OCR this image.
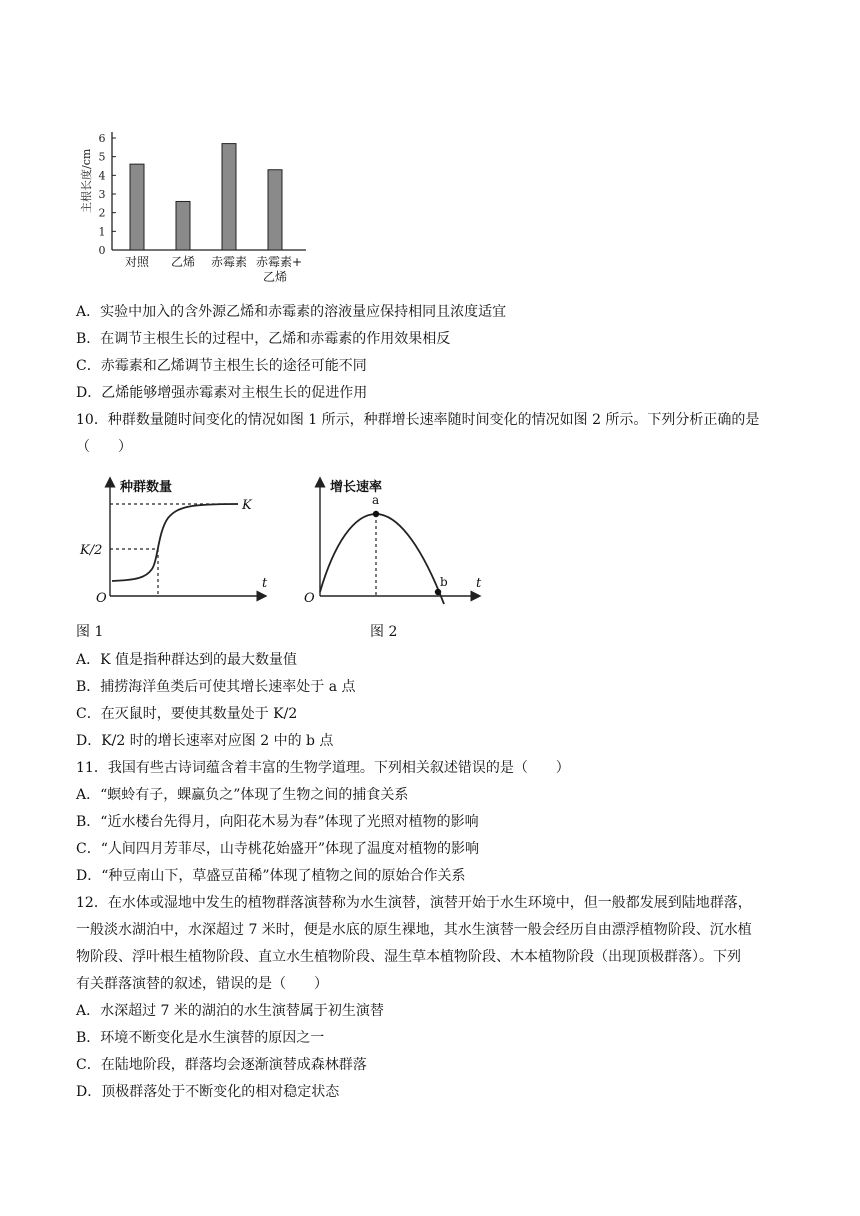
0
1
2
3
4
5
6
对照 乙烯 赤霉素 赤霉素+
乙烯
主根长度/cm
A．实验中加入的含外源乙烯和赤霉素的溶液量应保持相同且浓度适宜
B．在调节主根生长的过程中，乙烯和赤霉素的作用效果相反
C．赤霉素和乙烯调节主根生长的途径可能不同
D．乙烯能够增强赤霉素对主根生长的促进作用
10．种群数量随时间变化的情况如图 1 所示，种群增长速率随时间变化的情况如图 2 所示。下列分析正确的是
（　　）
种群数量
K
K/2
O
t
增长速率
a
b
O
t
图 1	图 2
A．K 值是指种群达到的最大数量值
B．捕捞海洋鱼类后可使其增长速率处于 a 点
C．在灭鼠时，要使其数量处于 K/2
D．K/2 时的增长速率对应图 2 中的 b 点
11．我国有些古诗词蕴含着丰富的生物学道理。下列相关叙述错误的是（　　）
A．“螟蛉有子，蜾蠃负之”体现了生物之间的捕食关系
B．“近水楼台先得月，向阳花木易为春”体现了光照对植物的影响
C．“人间四月芳菲尽，山寺桃花始盛开”体现了温度对植物的影响
D．“种豆南山下，草盛豆苗稀”体现了植物之间的原始合作关系
12．在水体或湿地中发生的植物群落演替称为水生演替，演替开始于水生环境中，但一般都发展到陆地群落，
一般淡水湖泊中，水深超过 7 米时，便是水底的原生裸地，其水生演替一般会经历自由漂浮植物阶段、沉水植
物阶段、浮叶根生植物阶段、直立水生植物阶段、湿生草本植物阶段、木本植物阶段（出现顶极群落）。下列
有关群落演替的叙述，错误的是（　　）
A．水深超过 7 米的湖泊的水生演替属于初生演替
B．环境不断变化是水生演替的原因之一
C．在陆地阶段，群落均会逐渐演替成森林群落
D．顶极群落处于不断变化的相对稳定状态
